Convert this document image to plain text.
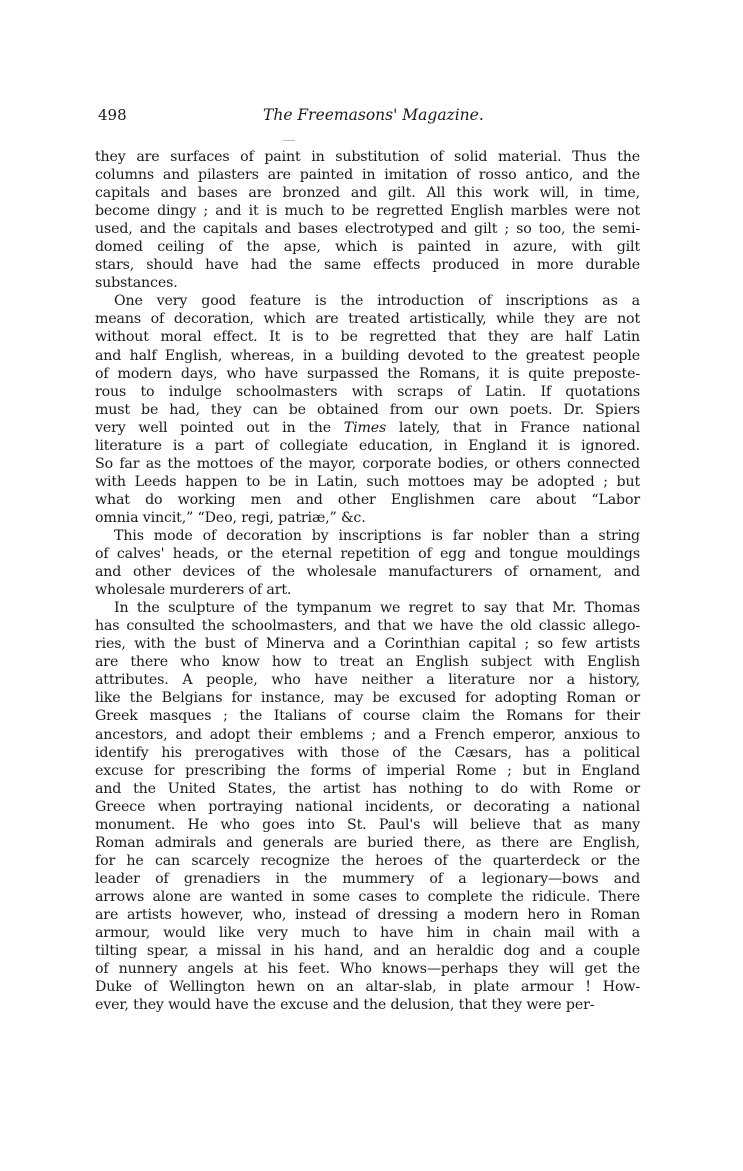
498	The Freemasons' Magazine.
they are surfaces of paint in substitution of solid material. Thus the
columns and pilasters are painted in imitation of rosso antico, and the
capitals and bases are bronzed and gilt. All this work will, in time,
become dingy ; and it is much to be regretted English marbles were not
used, and the capitals and bases electrotyped and gilt ; so too, the semi-
domed ceiling of the apse, which is painted in azure, with gilt
stars, should have had the same effects produced in more durable
substances.
One very good feature is the introduction of inscriptions as a
means of decoration, which are treated artistically, while they are not
without moral effect. It is to be regretted that they are half Latin
and half English, whereas, in a building devoted to the greatest people
of modern days, who have surpassed the Romans, it is quite preposte-
rous to indulge schoolmasters with scraps of Latin. If quotations
must be had, they can be obtained from our own poets. Dr. Spiers
very well pointed out in the Times lately, that in France national
literature is a part of collegiate education, in England it is ignored.
So far as the mottoes of the mayor, corporate bodies, or others connected
with Leeds happen to be in Latin, such mottoes may be adopted ; but
what do working men and other Englishmen care about “Labor
omnia vincit,” “Deo, regi, patriæ,” &c.
This mode of decoration by inscriptions is far nobler than a string
of calves' heads, or the eternal repetition of egg and tongue mouldings
and other devices of the wholesale manufacturers of ornament, and
wholesale murderers of art.
In the sculpture of the tympanum we regret to say that Mr. Thomas
has consulted the schoolmasters, and that we have the old classic allego-
ries, with the bust of Minerva and a Corinthian capital ; so few artists
are there who know how to treat an English subject with English
attributes. A people, who have neither a literature nor a history,
like the Belgians for instance, may be excused for adopting Roman or
Greek masques ; the Italians of course claim the Romans for their
ancestors, and adopt their emblems ; and a French emperor, anxious to
identify his prerogatives with those of the Cæsars, has a political
excuse for prescribing the forms of imperial Rome ; but in England
and the United States, the artist has nothing to do with Rome or
Greece when portraying national incidents, or decorating a national
monument. He who goes into St. Paul's will believe that as many
Roman admirals and generals are buried there, as there are English,
for he can scarcely recognize the heroes of the quarterdeck or the
leader of grenadiers in the mummery of a legionary—bows and
arrows alone are wanted in some cases to complete the ridicule. There
are artists however, who, instead of dressing a modern hero in Roman
armour, would like very much to have him in chain mail with a
tilting spear, a missal in his hand, and an heraldic dog and a couple
of nunnery angels at his feet. Who knows—perhaps they will get the
Duke of Wellington hewn on an altar-slab, in plate armour ! How-
ever, they would have the excuse and the delusion, that they were per-
